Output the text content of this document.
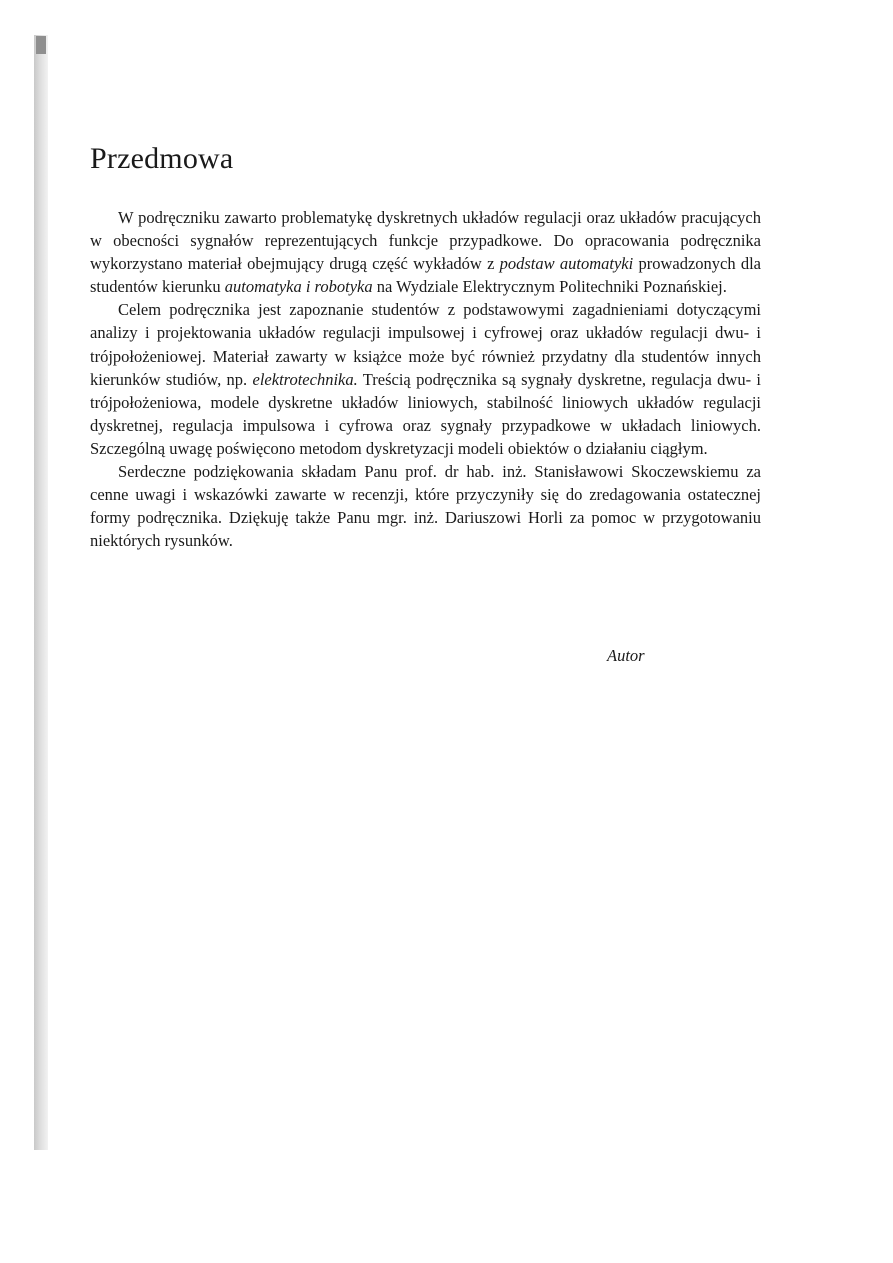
Przedmowa

W podręczniku zawarto problematykę dyskretnych układów regulacji oraz układów pracujących w obecności sygnałów reprezentujących funkcje przypadkowe. Do opracowania podręcznika wykorzystano materiał obejmujący drugą część wykładów z podstaw automatyki prowadzonych dla studentów kierunku automatyka i robotyka na Wydziale Elektrycznym Politechniki Poznańskiej.

Celem podręcznika jest zapoznanie studentów z podstawowymi zagadnieniami dotyczącymi analizy i projektowania układów regulacji impulsowej i cyfrowej oraz układów regulacji dwu- i trójpołożeniowej. Materiał zawarty w książce może być również przydatny dla studentów innych kierunków studiów, np. elektrotechnika. Treścią podręcznika są sygnały dyskretne, regulacja dwu- i trójpołożeniowa, modele dyskretne układów liniowych, stabilność liniowych układów regulacji dyskretnej, regulacja impulsowa i cyfrowa oraz sygnały przypadkowe w układach liniowych. Szczególną uwagę poświęcono metodom dyskretyzacji modeli obiektów o działaniu ciągłym.

Serdeczne podziękowania składam Panu prof. dr hab. inż. Stanisławowi Skoczewskiemu za cenne uwagi i wskazówki zawarte w recenzji, które przyczyniły się do zredagowania ostatecznej formy podręcznika. Dziękuję także Panu mgr. inż. Dariuszowi Horli za pomoc w przygotowaniu niektórych rysunków.

Autor
